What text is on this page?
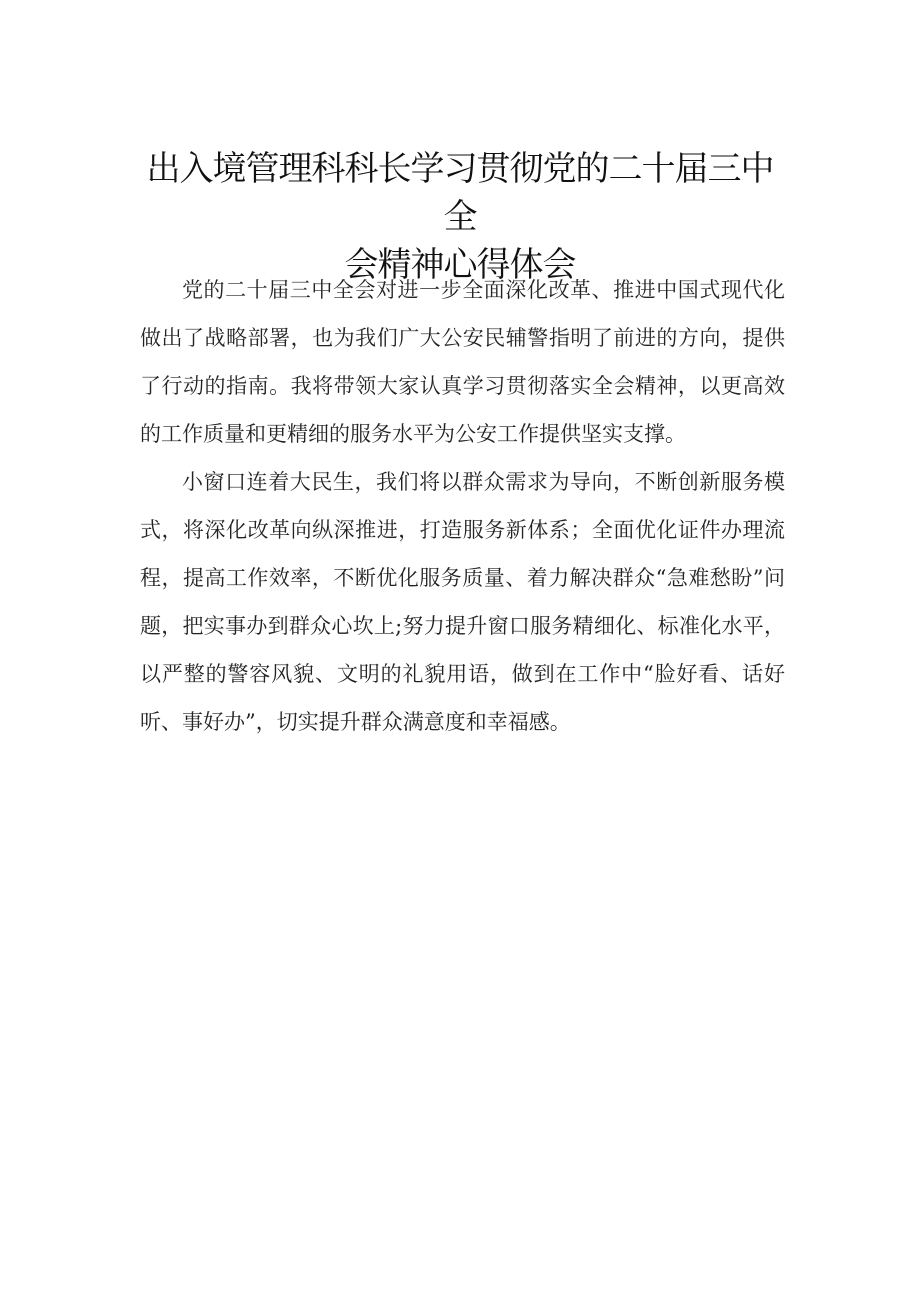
出入境管理科科长学习贯彻党的二十届三中全
会精神心得体会

党的二十届三中全会对进一步全面深化改革、推进中国式现代化做出了战略部署，也为我们广大公安民辅警指明了前进的方向，提供了行动的指南。我将带领大家认真学习贯彻落实全会精神，以更高效的工作质量和更精细的服务水平为公安工作提供坚实支撑。

小窗口连着大民生，我们将以群众需求为导向，不断创新服务模式，将深化改革向纵深推进，打造服务新体系；全面优化证件办理流程，提高工作效率，不断优化服务质量、着力解决群众“急难愁盼”问题，把实事办到群众心坎上;努力提升窗口服务精细化、标准化水平，以严整的警容风貌、文明的礼貌用语，做到在工作中“脸好看、话好听、事好办”，切实提升群众满意度和幸福感。
